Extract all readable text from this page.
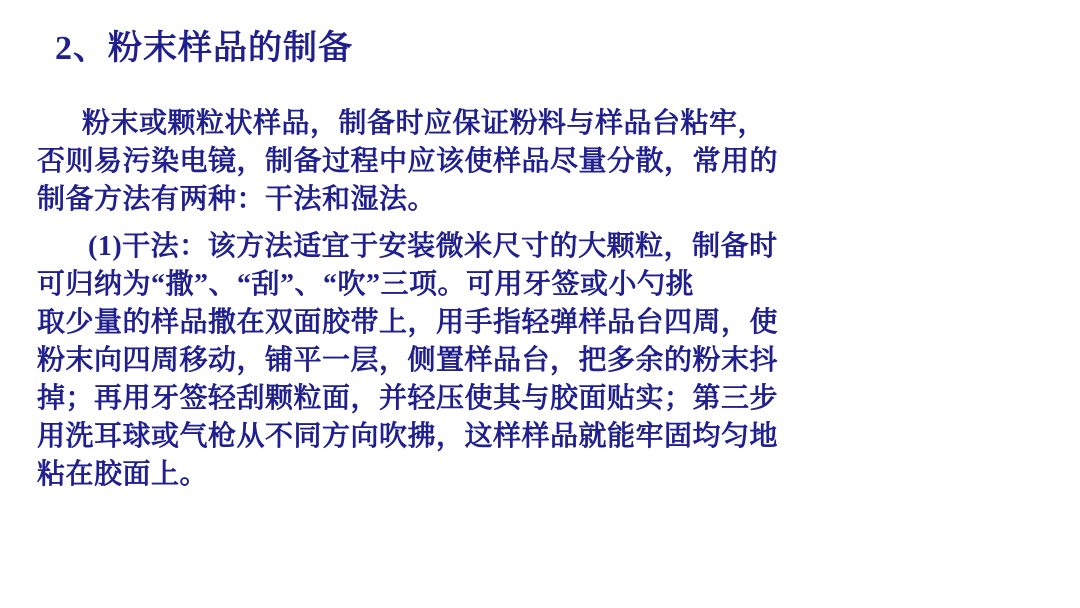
2、粉末样品的制备

粉末或颗粒状样品，制备时应保证粉料与样品台粘牢，

否则易污染电镜，制备过程中应该使样品尽量分散，常用的

制备方法有两种：干法和湿法。

(1)干法：该方法适宜于安装微米尺寸的大颗粒，制备时

可归纳为“撒”、“刮”、“吹”三项。可用牙签或小勺挑

取少量的样品撒在双面胶带上，用手指轻弹样品台四周，使

粉末向四周移动，铺平一层，侧置样品台，把多余的粉末抖

掉；再用牙签轻刮颗粒面，并轻压使其与胶面贴实；第三步

用洗耳球或气枪从不同方向吹拂，这样样品就能牢固均匀地

粘在胶面上。
